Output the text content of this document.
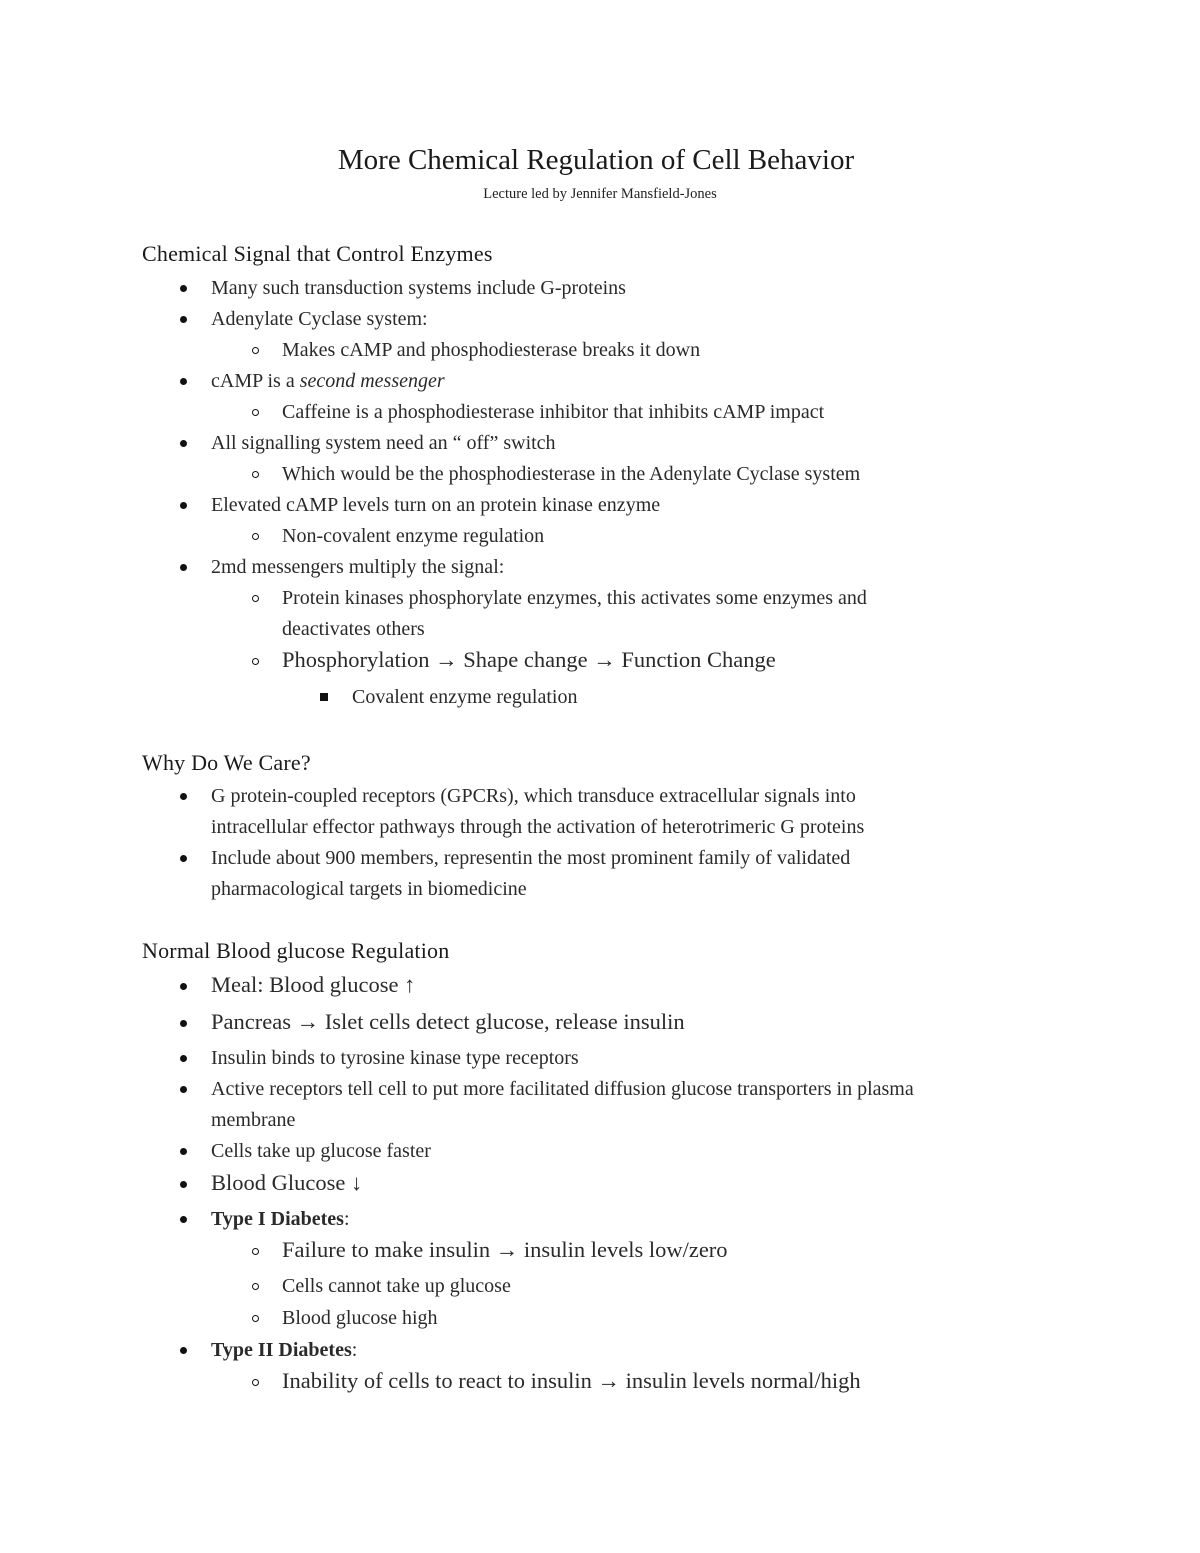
More Chemical Regulation of Cell Behavior
Lecture led by Jennifer Mansfield-Jones
Chemical Signal that Control Enzymes
Many such transduction systems include G-proteins
Adenylate Cyclase system:
Makes cAMP and phosphodiesterase breaks it down
cAMP is a second messenger
Caffeine is a phosphodiesterase inhibitor that inhibits cAMP impact
All signalling system need an “ off” switch
Which would be the phosphodiesterase in the Adenylate Cyclase system
Elevated cAMP levels turn on an protein kinase enzyme
Non-covalent enzyme regulation
2md messengers multiply the signal:
Protein kinases phosphorylate enzymes, this activates some enzymes and
deactivates others
Phosphorylation → Shape change → Function Change
Covalent enzyme regulation
Why Do We Care?
G protein-coupled receptors (GPCRs), which transduce extracellular signals into
intracellular effector pathways through the activation of heterotrimeric G proteins
Include about 900 members, representin the most prominent family of validated
pharmacological targets in biomedicine
Normal Blood glucose Regulation
Meal: Blood glucose ↑
Pancreas → Islet cells detect glucose, release insulin
Insulin binds to tyrosine kinase type receptors
Active receptors tell cell to put more facilitated diffusion glucose transporters in plasma
membrane
Cells take up glucose faster
Blood Glucose ↓
Type I Diabetes:
Failure to make insulin → insulin levels low/zero
Cells cannot take up glucose
Blood glucose high
Type II Diabetes:
Inability of cells to react to insulin → insulin levels normal/high
